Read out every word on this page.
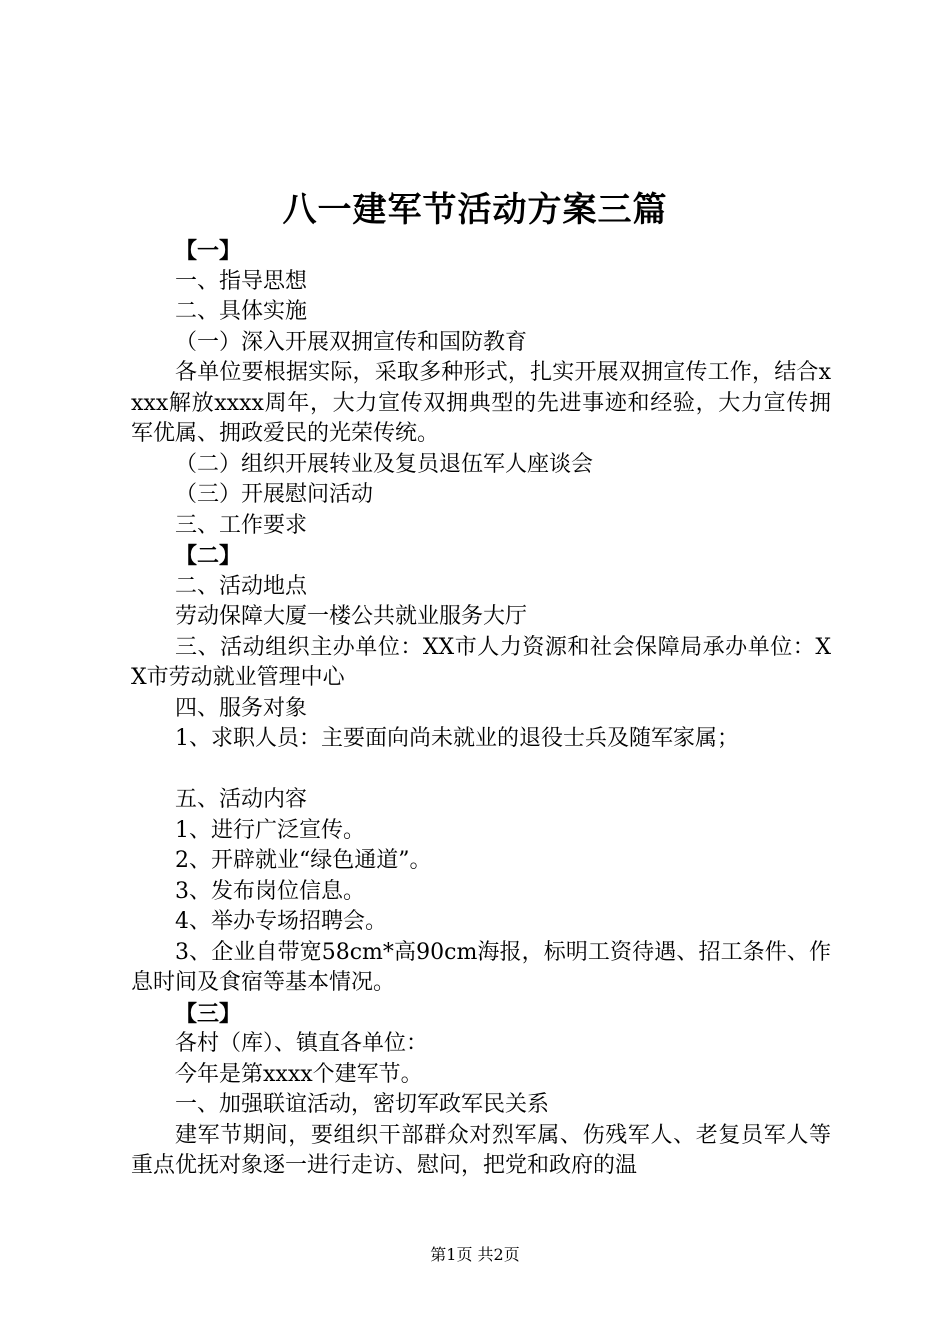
八一建军节活动方案三篇

【一】

一、指导思想

二、具体实施

（一）深入开展双拥宣传和国防教育

各单位要根据实际，采取多种形式，扎实开展双拥宣传工作，结合xxxx解放xxxx周年，大力宣传双拥典型的先进事迹和经验，大力宣传拥军优属、拥政爱民的光荣传统。

（二）组织开展转业及复员退伍军人座谈会

（三）开展慰问活动

三、工作要求

【二】

二、活动地点

劳动保障大厦一楼公共就业服务大厅

三、活动组织主办单位：XX市人力资源和社会保障局承办单位：XX市劳动就业管理中心

四、服务对象

1、求职人员：主要面向尚未就业的退役士兵及随军家属；

五、活动内容

1、进行广泛宣传。

2、开辟就业“绿色通道”。

3、发布岗位信息。

4、举办专场招聘会。

3、企业自带宽58cm*高90cm海报，标明工资待遇、招工条件、作息时间及食宿等基本情况。

【三】

各村（库）、镇直各单位：

今年是第xxxx个建军节。

一、加强联谊活动，密切军政军民关系

建军节期间，要组织干部群众对烈军属、伤残军人、老复员军人等重点优抚对象逐一进行走访、慰问，把党和政府的温

第1页 共2页
